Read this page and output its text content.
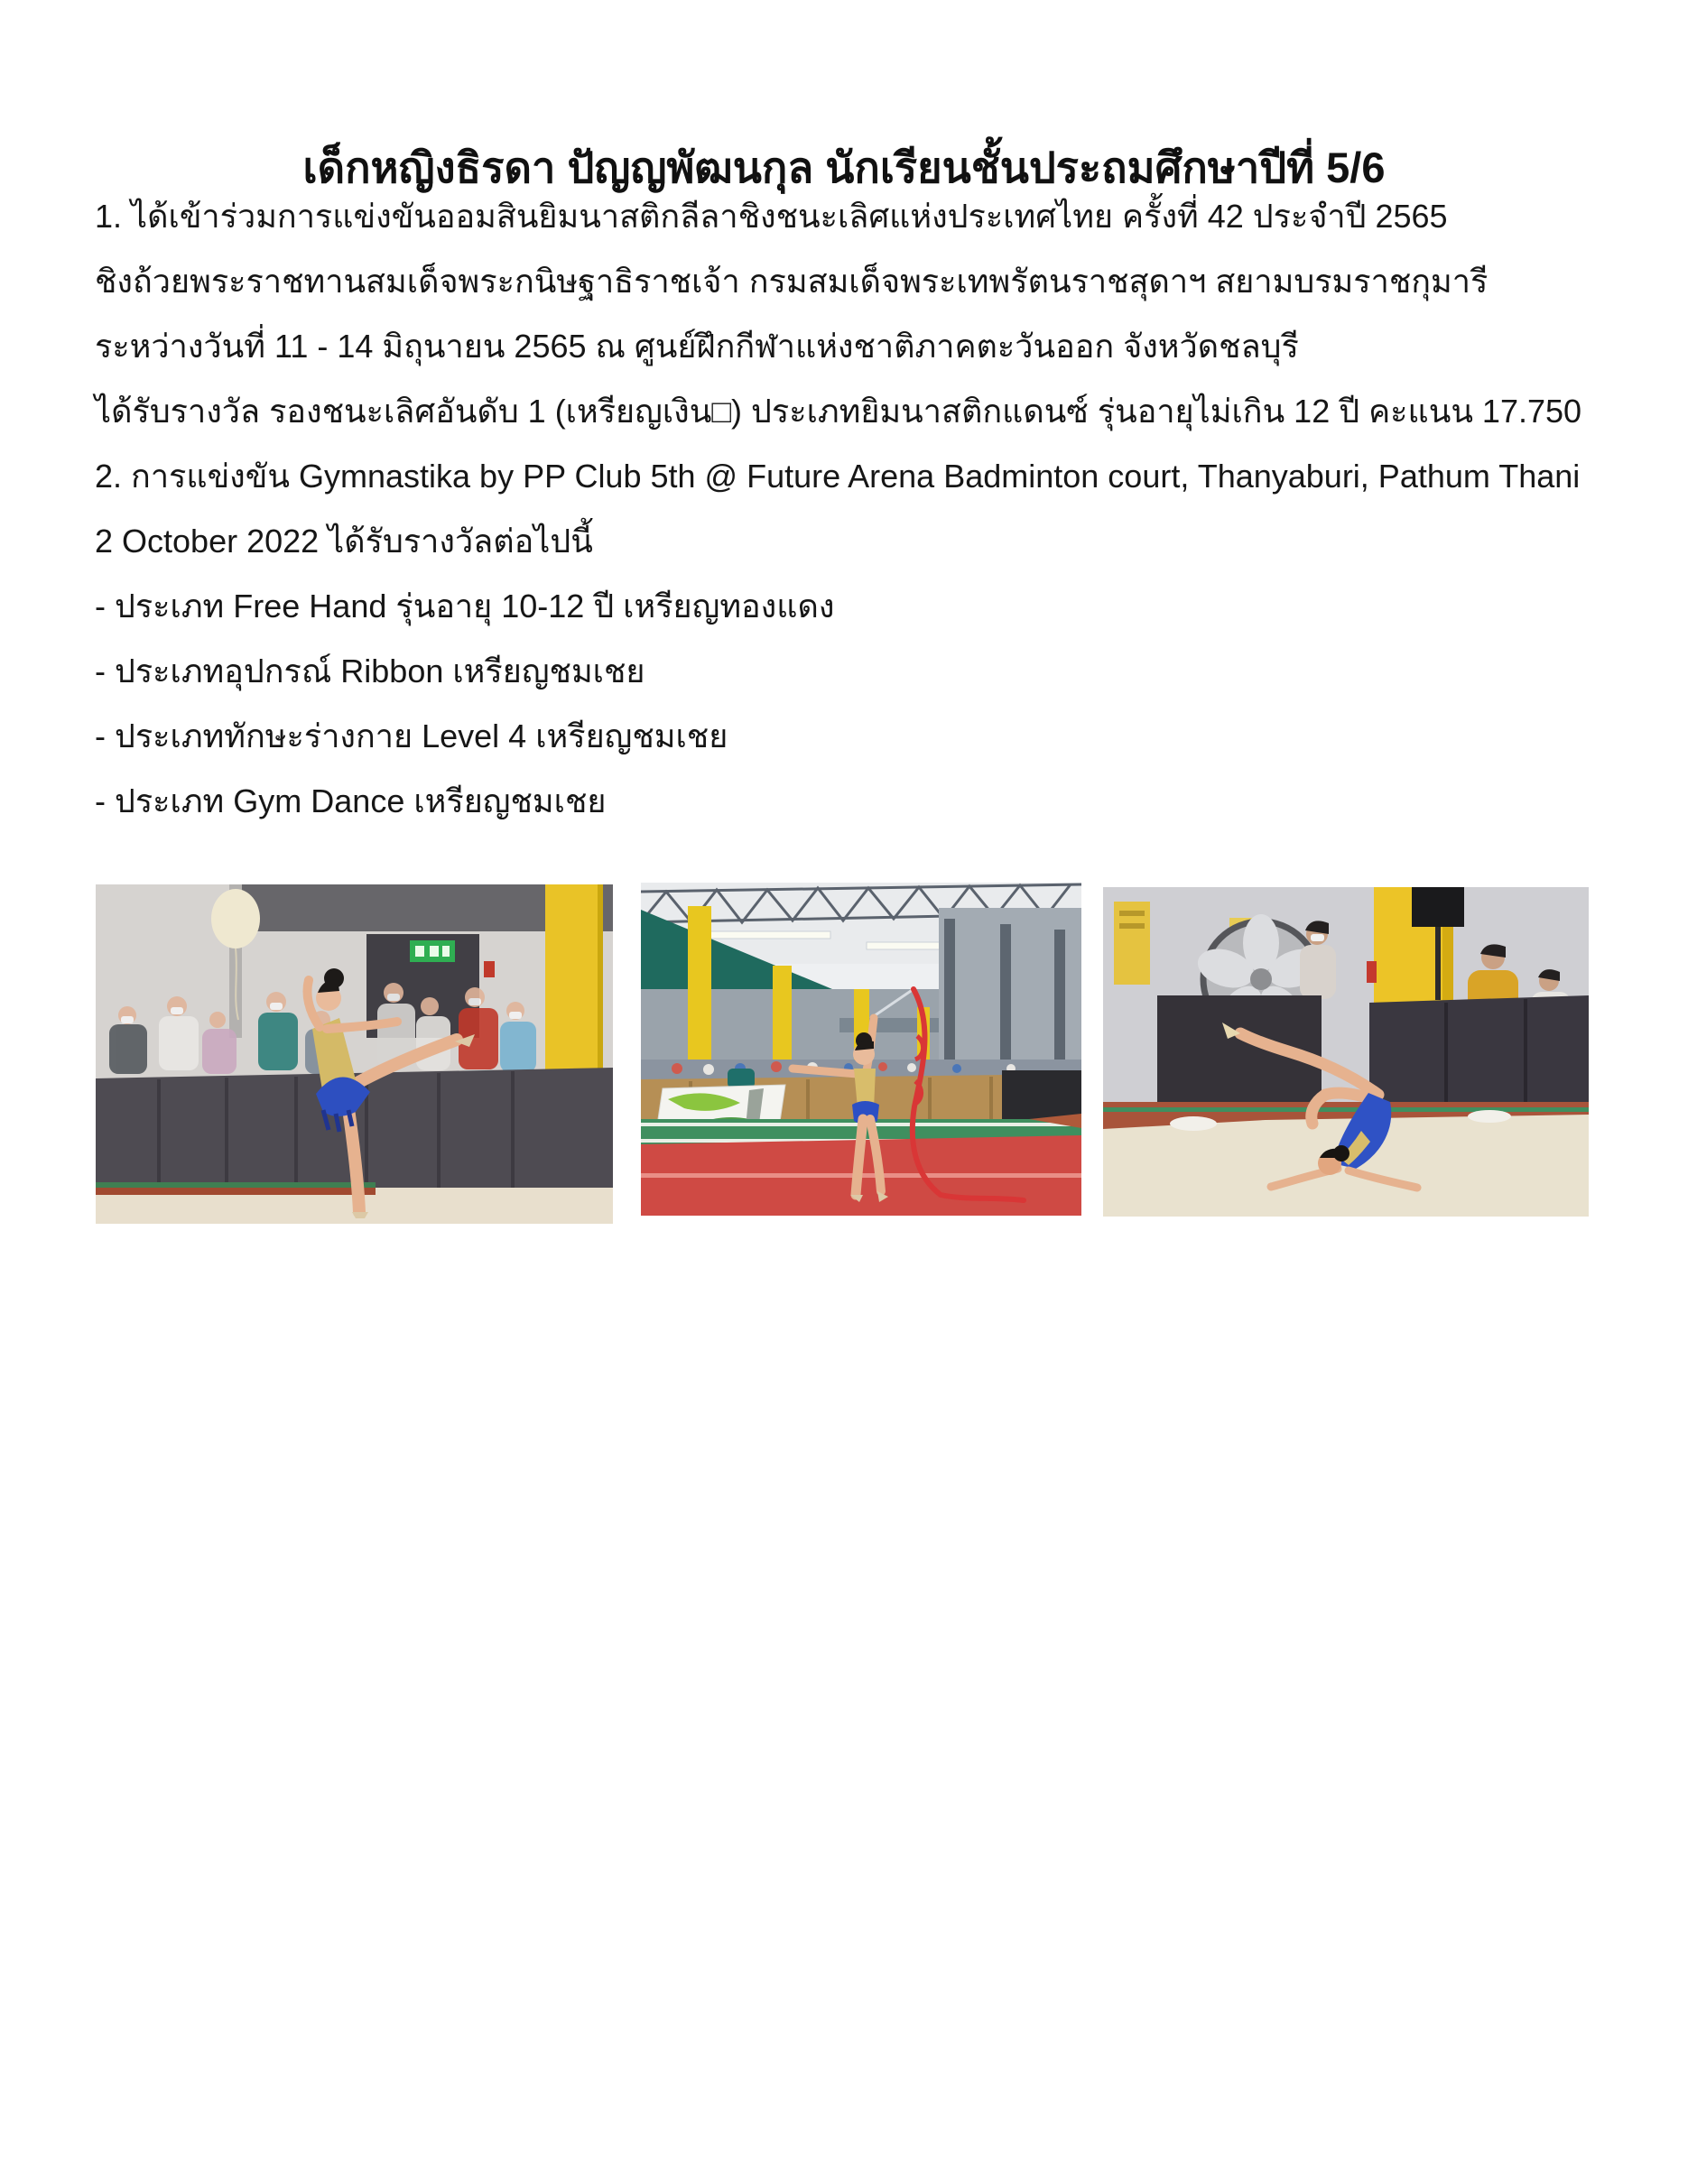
เด็กหญิงธิรดา ปัญญพัฒนกุล นักเรียนชั้นประถมศึกษาปีที่ 5/6
1. ได้เข้าร่วมการแข่งขันออมสินยิมนาสติกลีลาชิงชนะเลิศแห่งประเทศไทย ครั้งที่ 42 ประจำปี 2565
ชิงถ้วยพระราชทานสมเด็จพระกนิษฐาธิราชเจ้า กรมสมเด็จพระเทพรัตนราชสุดาฯ สยามบรมราชกุมารี
ระหว่างวันที่ 11 - 14 มิถุนายน 2565 ณ ศูนย์ฝึกกีฬาแห่งชาติภาคตะวันออก จังหวัดชลบุรี
ได้รับรางวัล รองชนะเลิศอันดับ 1 (เหรียญเงิน□) ประเภทยิมนาสติกแดนซ์ รุ่นอายุไม่เกิน 12 ปี คะแนน 17.750
2. การแข่งขัน Gymnastika by PP Club 5th @ Future Arena Badminton court, Thanyaburi, Pathum Thani
2 October 2022 ได้รับรางวัลต่อไปนี้
- ประเภท Free Hand รุ่นอายุ 10-12 ปี เหรียญทองแดง
- ประเภทอุปกรณ์ Ribbon เหรียญชมเชย
- ประเภททักษะร่างกาย Level 4 เหรียญชมเชย
- ประเภท Gym Dance เหรียญชมเชย
